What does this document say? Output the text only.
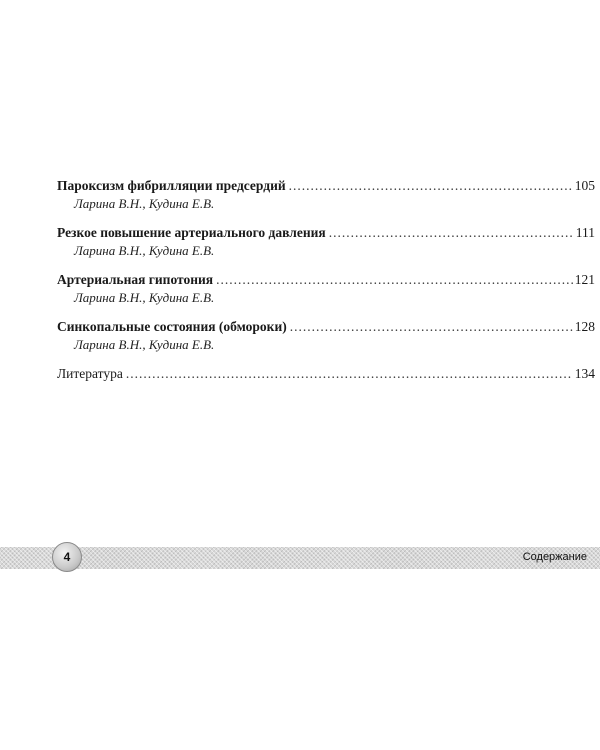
Пароксизм фибрилляции предсердий .....	105
Ларина В.Н., Кудина Е.В.
Резкое повышение артериального давления .....	111
Ларина В.Н., Кудина Е.В.
Артериальная гипотония .....	121
Ларина В.Н., Кудина Е.В.
Синкопальные состояния (обмороки) .....	128
Ларина В.Н., Кудина Е.В.
Литература .....	134
4	Содержание
